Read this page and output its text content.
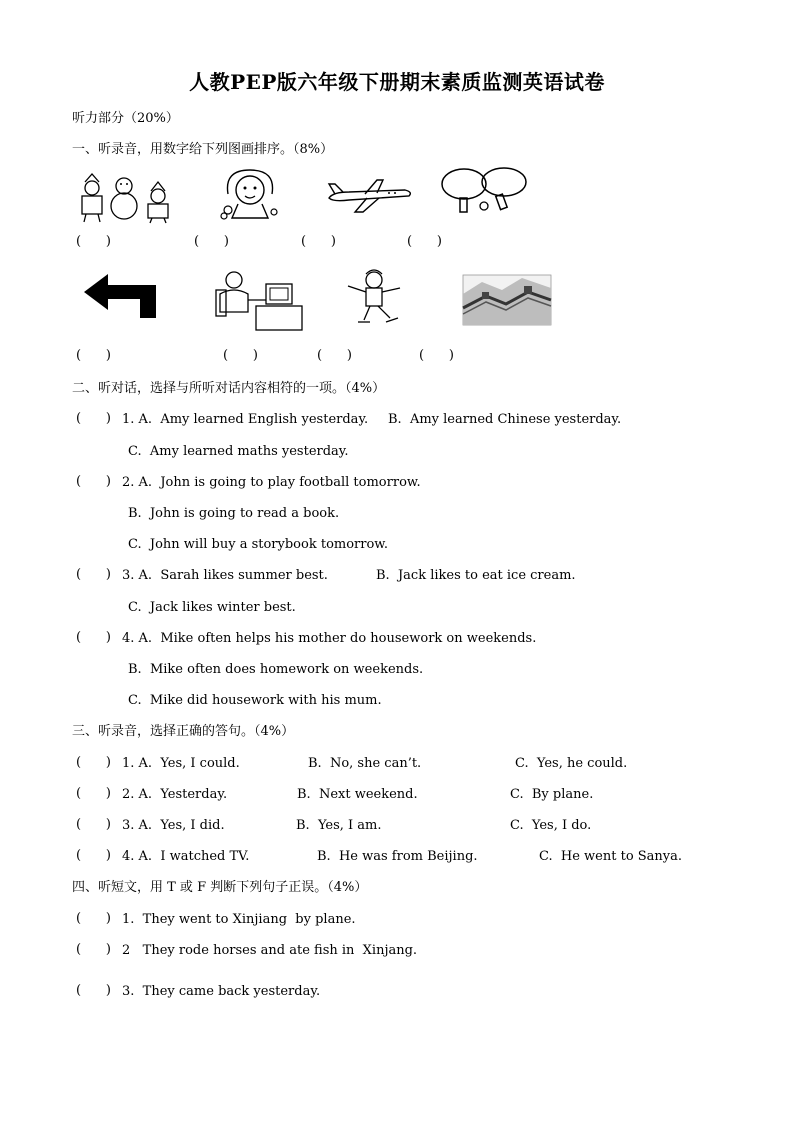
人教PEP版六年级下册期末素质监测英语试卷
听力部分（20%）
一、听录音，用数字给下列图画排序。（8%）
(      )	(      )	(      )	(      )
(      )	(      )	(      )	(      )
二、听对话，选择与所听对话内容相符的一项。（4%）
(      ) 1. A.  Amy learned English yesterday. B.  Amy learned Chinese yesterday.
C.  Amy learned maths yesterday.
(      ) 2. A.  John is going to play football tomorrow.
B.  John is going to read a book.
C.  John will buy a storybook tomorrow.
(      ) 3. A.  Sarah likes summer best.	B.  Jack likes to eat ice cream.
C.  Jack likes winter best.
(      ) 4. A.  Mike often helps his mother do housework on weekends.
B.  Mike often does homework on weekends.
C.  Mike did housework with his mum.
三、听录音，选择正确的答句。（4%）
(      ) 1. A.  Yes, I could.	B.  No, she can’t.	C.  Yes, he could.
(      ) 2. A.  Yesterday.	B.  Next weekend.	C.  By plane.
(      ) 3. A.  Yes, I did.	B.  Yes, I am.	C.  Yes, I do.
(      ) 4. A.  I watched TV.	B.  He was from Beijing.	C.  He went to Sanya.
四、听短文，用 T 或 F 判断下列句子正误。（4%）
(      ) 1.  They went to Xinjiang  by plane.
(      ) 2   They rode horses and ate fish in  Xinjang.
(      ) 3.  They came back yesterday.
